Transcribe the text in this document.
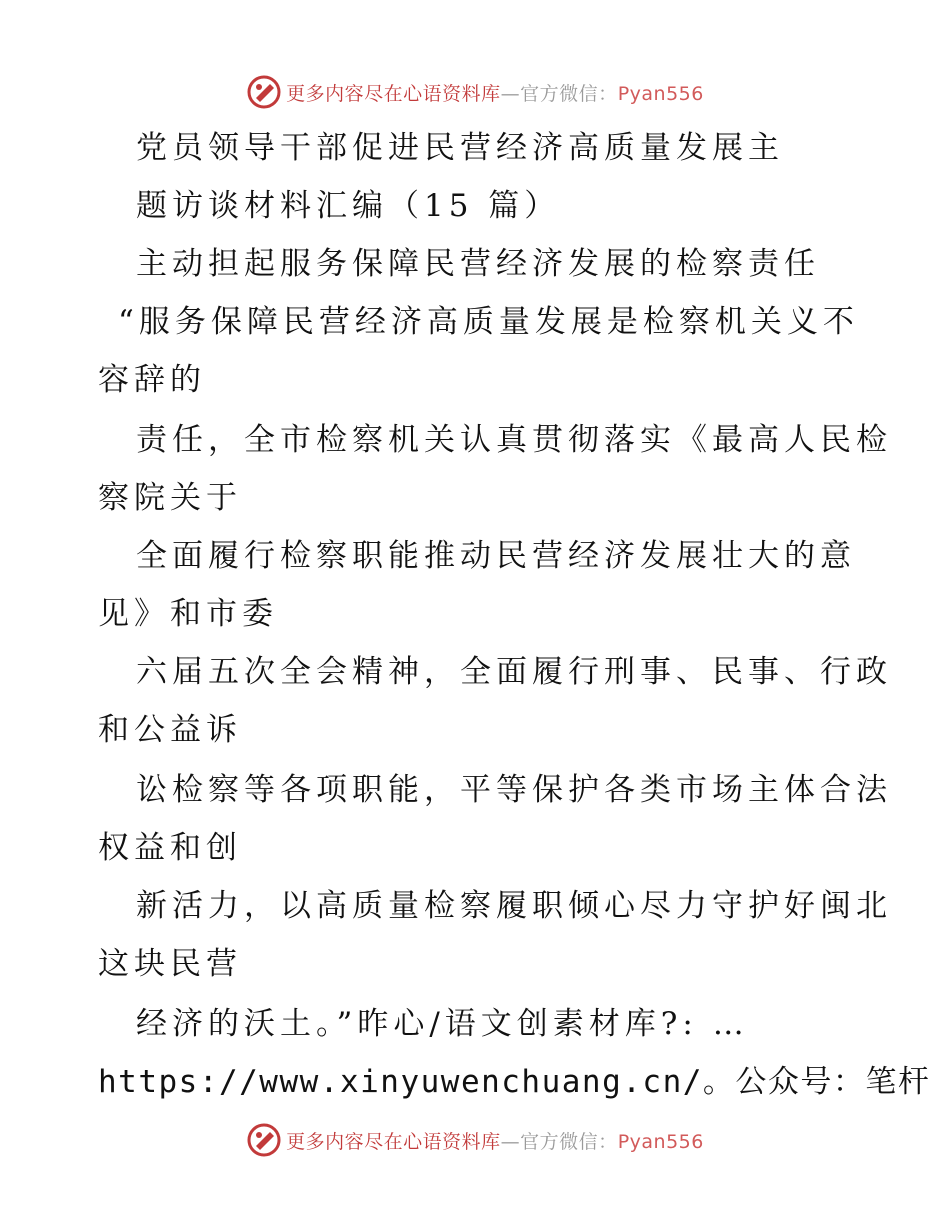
更多内容尽在心语资料库—官方微信：Pyan556
党员领导干部促进民营经济高质量发展主
题访谈材料汇编（15 篇）
主动担起服务保障民营经济发展的检察责任
“服务保障民营经济高质量发展是检察机关义不
容辞的
责任，全市检察机关认真贯彻落实《最高人民检
察院关于
全面履行检察职能推动民营经济发展壮大的意
见》和市委
六届五次全会精神，全面履行刑事、民事、行政
和公益诉
讼检察等各项职能，平等保护各类市场主体合法
权益和创
新活力，以高质量检察履职倾心尽力守护好闽北
这块民营
经济的沃土。”昨心/语文创素材库?: …
https://www.xinyuwenchuang.cn/。公众号：笔杆
更多内容尽在心语资料库—官方微信：Pyan556
